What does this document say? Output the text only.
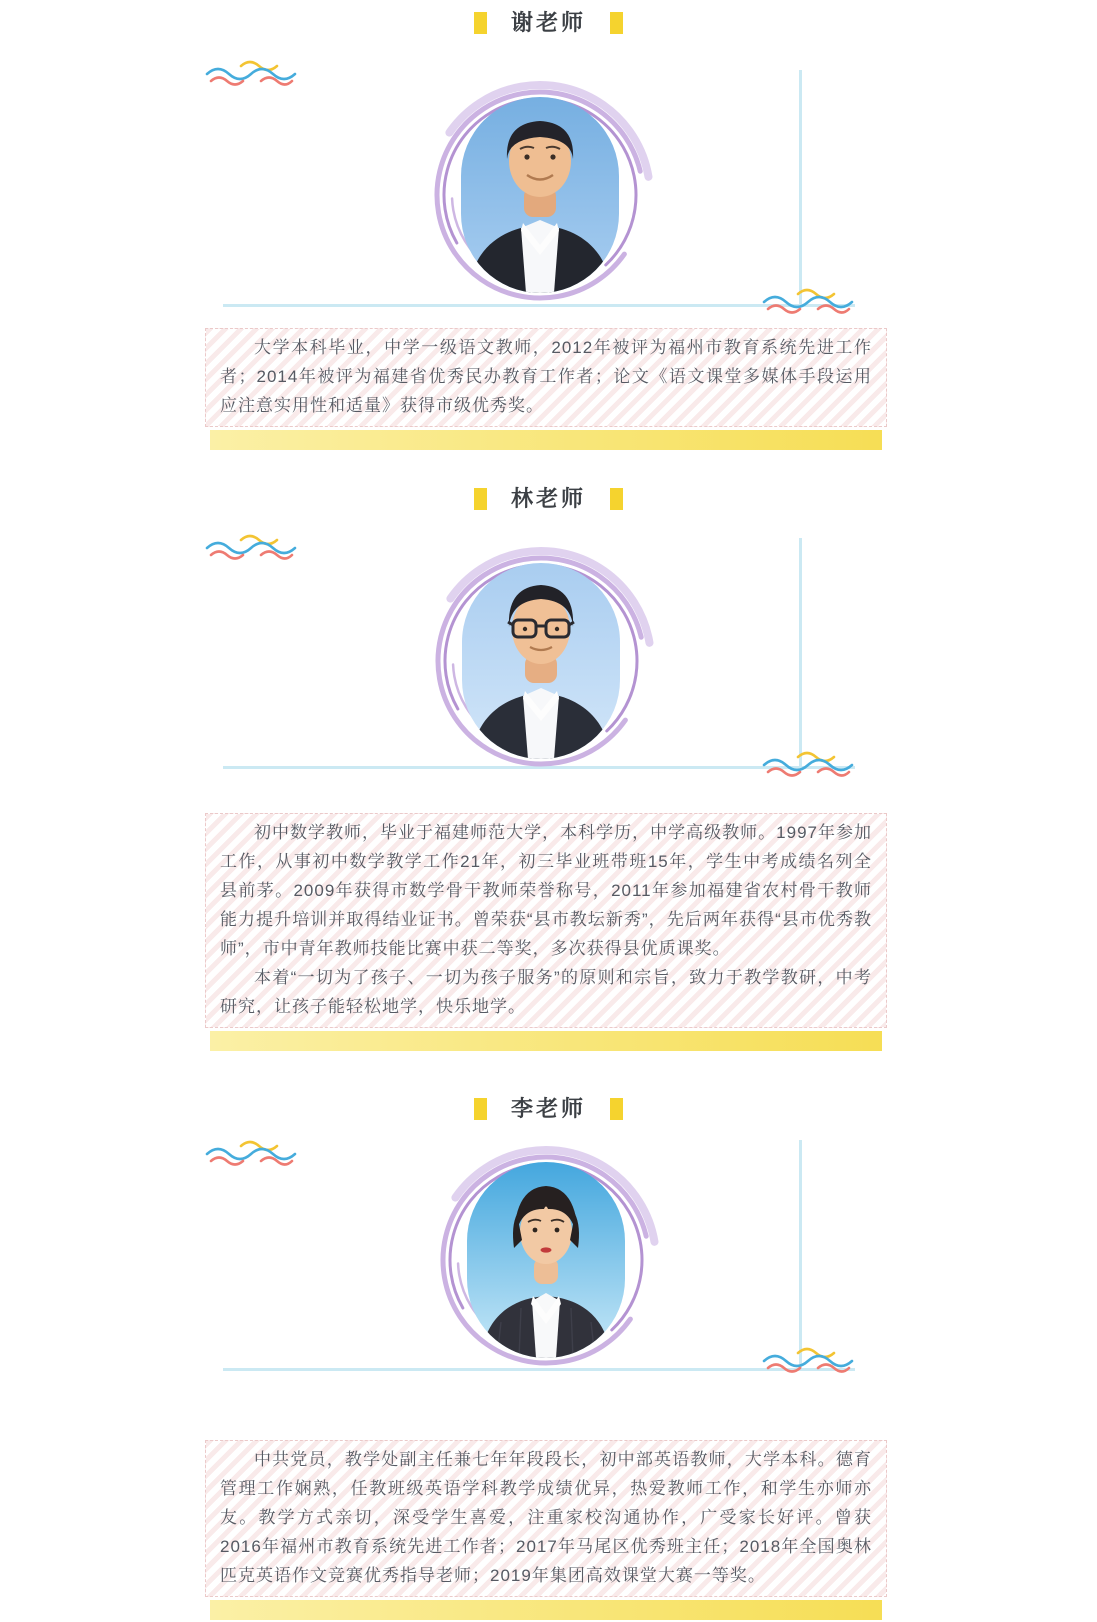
谢老师

大学本科毕业，中学一级语文教师，2012年被评为福州市教育系统先进工作者；2014年被评为福建省优秀民办教育工作者；论文《语文课堂多媒体手段运用应注意实用性和适量》获得市级优秀奖。

林老师

初中数学教师，毕业于福建师范大学，本科学历，中学高级教师。1997年参加工作，从事初中数学教学工作21年，初三毕业班带班15年，学生中考成绩名列全县前茅。2009年获得市数学骨干教师荣誉称号，2011年参加福建省农村骨干教师能力提升培训并取得结业证书。曾荣获“县市教坛新秀”，先后两年获得“县市优秀教师”，市中青年教师技能比赛中获二等奖，多次获得县优质课奖。

本着“一切为了孩子、一切为孩子服务”的原则和宗旨，致力于教学教研，中考研究，让孩子能轻松地学，快乐地学。

李老师

中共党员，教学处副主任兼七年年段段长，初中部英语教师，大学本科。德育管理工作娴熟，任教班级英语学科教学成绩优异，热爱教师工作，和学生亦师亦友。教学方式亲切，深受学生喜爱，注重家校沟通协作，广受家长好评。曾获2016年福州市教育系统先进工作者；2017年马尾区优秀班主任；2018年全国奥林匹克英语作文竞赛优秀指导老师；2019年集团高效课堂大赛一等奖。
